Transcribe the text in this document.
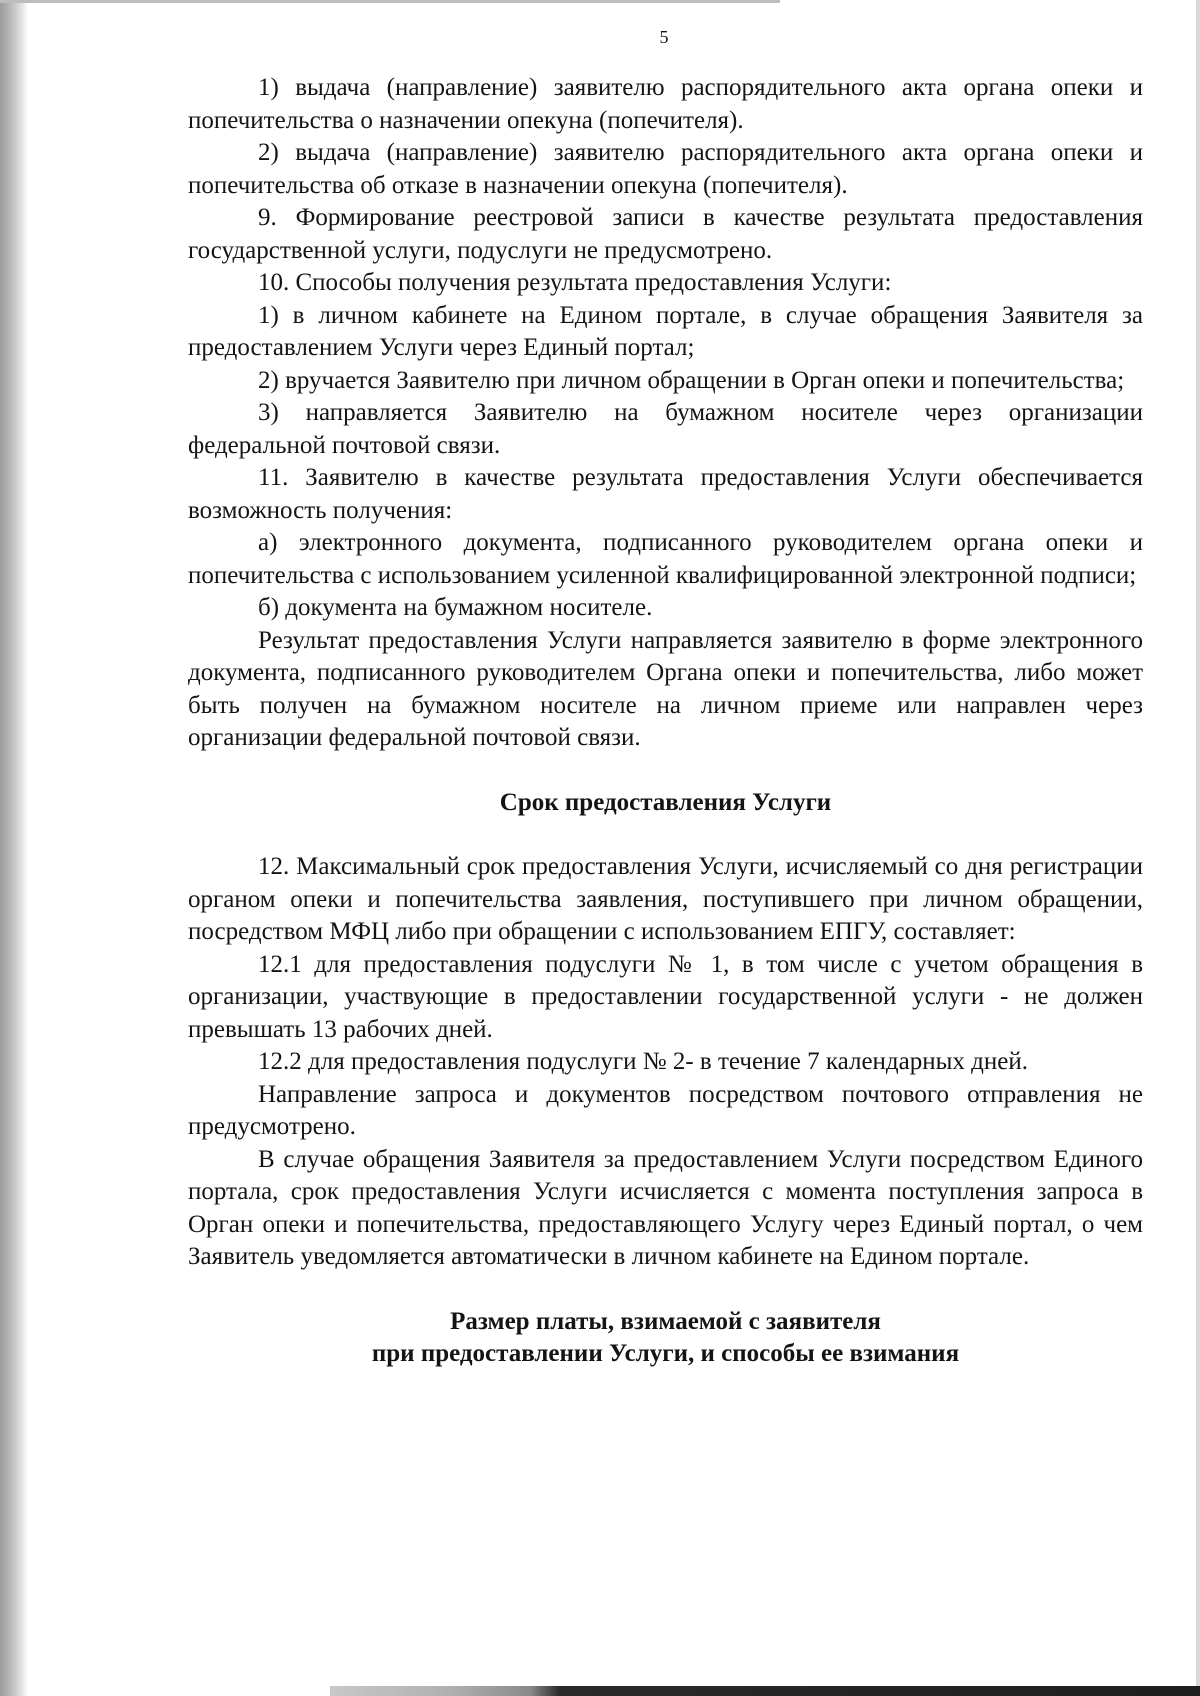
5

1) выдача (направление) заявителю распорядительного акта органа опеки и попечительства о назначении опекуна (попечителя).

2) выдача (направление) заявителю распорядительного акта органа опеки и попечительства об отказе в назначении опекуна (попечителя).

9. Формирование реестровой записи в качестве результата предоставления государственной услуги, подуслуги не предусмотрено.

10. Способы получения результата предоставления Услуги:

1) в личном кабинете на Едином портале, в случае обращения Заявителя за предоставлением Услуги через Единый портал;

2) вручается Заявителю при личном обращении в Орган опеки и попечительства;

3) направляется Заявителю на бумажном носителе через организации федеральной почтовой связи.

11. Заявителю в качестве результата предоставления Услуги обеспечивается возможность получения:

а) электронного документа, подписанного руководителем органа опеки и попечительства с использованием усиленной квалифицированной электронной подписи;

б) документа на бумажном носителе.

Результат предоставления Услуги направляется заявителю в форме электронного документа, подписанного руководителем Органа опеки и попечительства, либо может быть получен на бумажном носителе на личном приеме или направлен через организации федеральной почтовой связи.

Срок предоставления Услуги

12. Максимальный срок предоставления Услуги, исчисляемый со дня регистрации органом опеки и попечительства заявления, поступившего при личном обращении, посредством МФЦ либо при обращении с использованием ЕПГУ, составляет:

12.1 для предоставления подуслуги № 1, в том числе с учетом обращения в организации, участвующие в предоставлении государственной услуги - не должен превышать 13 рабочих дней.

12.2 для предоставления подуслуги № 2- в течение 7 календарных дней.

Направление запроса и документов посредством почтового отправления не предусмотрено.

В случае обращения Заявителя за предоставлением Услуги посредством Единого портала, срок предоставления Услуги исчисляется с момента поступления запроса в Орган опеки и попечительства, предоставляющего Услугу через Единый портал, о чем Заявитель уведомляется автоматически в личном кабинете на Едином портале.

Размер платы, взимаемой с заявителя

при предоставлении Услуги, и способы ее взимания
